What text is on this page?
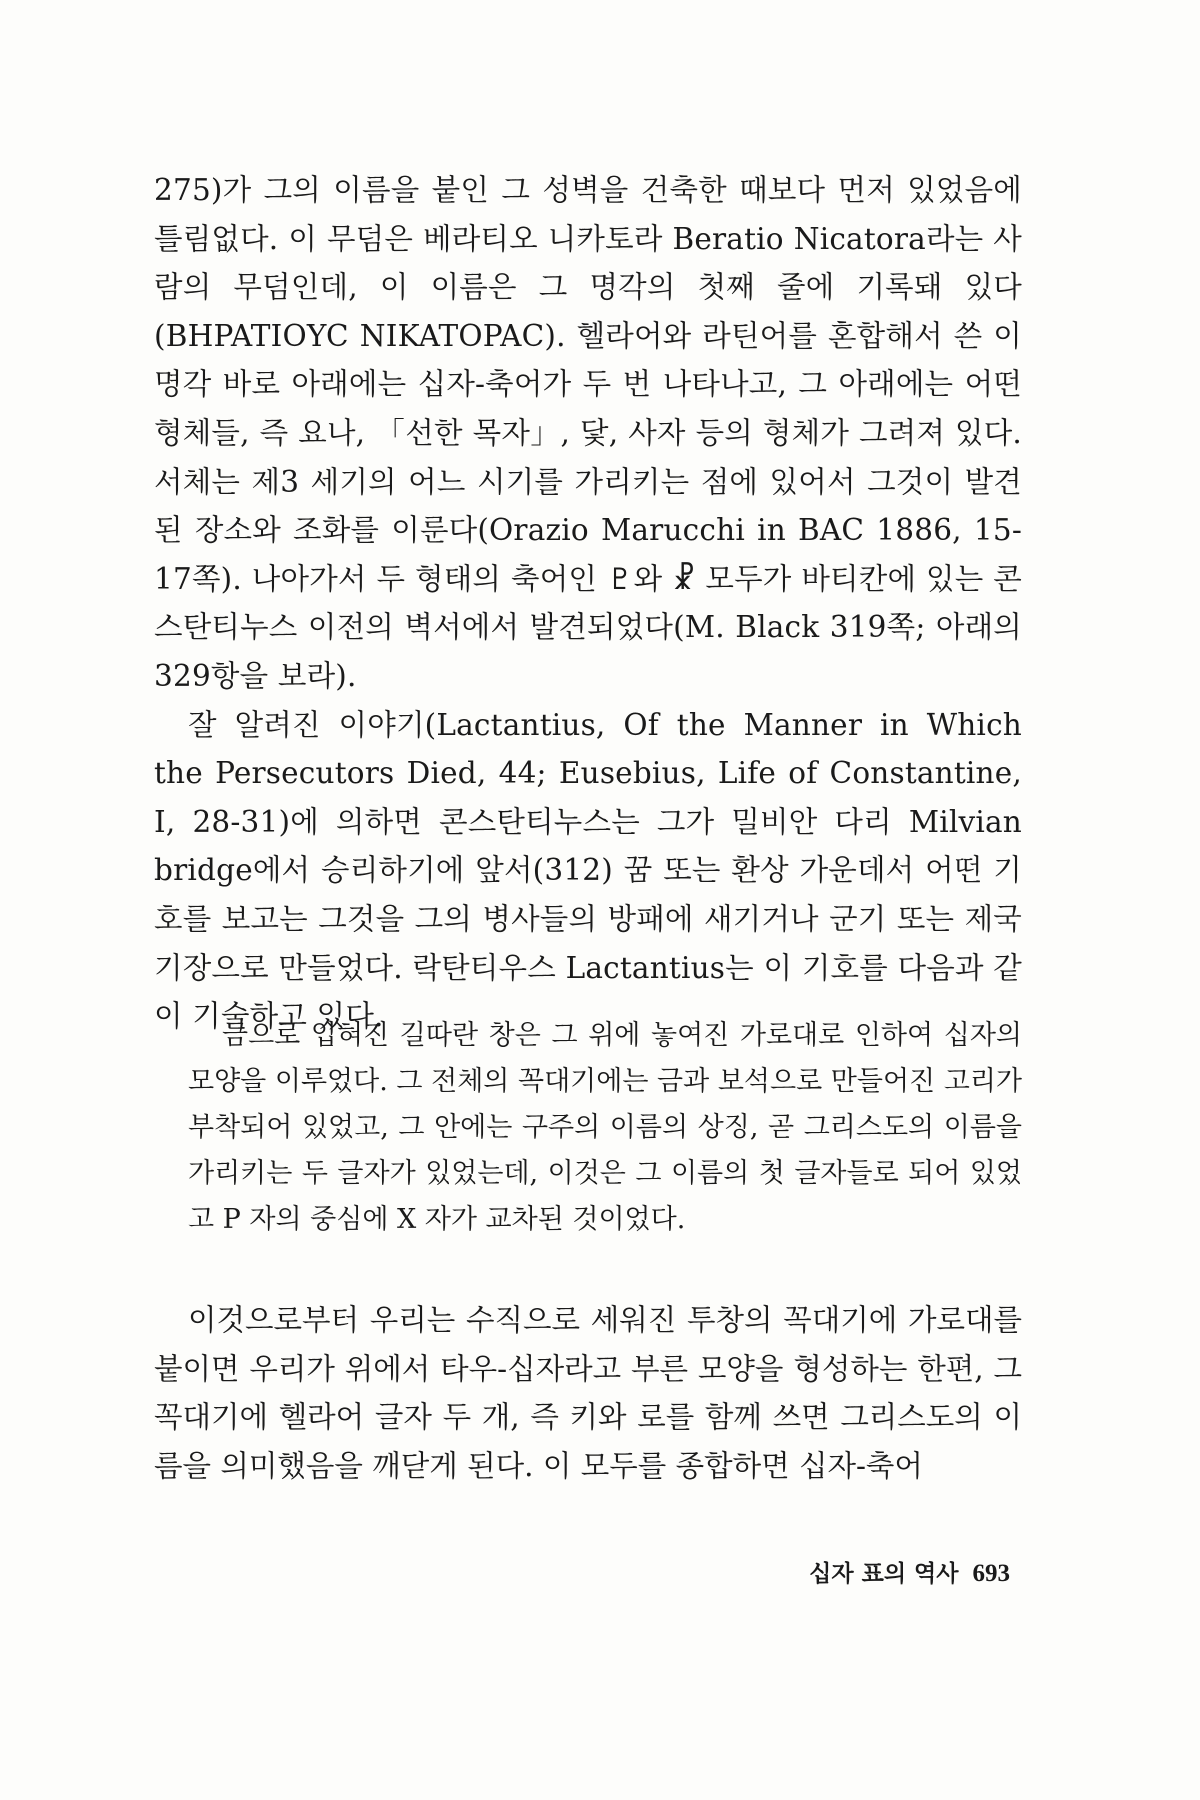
275)가 그의 이름을 붙인 그 성벽을 건축한 때보다 먼저 있었음에 틀림없다. 이 무덤은 베라티오 니카토라 Beratio Nicatora라는 사람의 무덤인데, 이 이름은 그 명각의 첫째 줄에 기록돼 있다(BHPATIOYC NIKATOPAC). 헬라어와 라틴어를 혼합해서 쓴 이 명각 바로 아래에는 십자-축어가 두 번 나타나고, 그 아래에는 어떤 형체들, 즉 요나, 「선한 목자」, 닻, 사자 등의 형체가 그려져 있다. 서체는 제3 세기의 어느 시기를 가리키는 점에 있어서 그것이 발견된 장소와 조화를 이룬다(Orazio Marucchi in BAC 1886, 15-17쪽). 나아가서 두 형태의 축어인 ♇와 ☧ 모두가 바티칸에 있는 콘스탄티누스 이전의 벽서에서 발견되었다(M. Black 319쪽; 아래의 329항을 보라).

잘 알려진 이야기(Lactantius, Of the Manner in Which the Persecutors Died, 44; Eusebius, Life of Constantine, I, 28-31)에 의하면 콘스탄티누스는 그가 밀비안 다리 Milvian bridge에서 승리하기에 앞서(312) 꿈 또는 환상 가운데서 어떤 기호를 보고는 그것을 그의 병사들의 방패에 새기거나 군기 또는 제국 기장으로 만들었다. 락탄티우스 Lactantius는 이 기호를 다음과 같이 기술하고 있다.

금으로 입혀진 길따란 창은 그 위에 놓여진 가로대로 인하여 십자의 모양을 이루었다. 그 전체의 꼭대기에는 금과 보석으로 만들어진 고리가 부착되어 있었고, 그 안에는 구주의 이름의 상징, 곧 그리스도의 이름을 가리키는 두 글자가 있었는데, 이것은 그 이름의 첫 글자들로 되어 있었고 P 자의 중심에 X 자가 교차된 것이었다.

이것으로부터 우리는 수직으로 세워진 투창의 꼭대기에 가로대를 붙이면 우리가 위에서 타우-십자라고 부른 모양을 형성하는 한편, 그 꼭대기에 헬라어 글자 두 개, 즉 키와 로를 함께 쓰면 그리스도의 이름을 의미했음을 깨닫게 된다. 이 모두를 종합하면 십자-축어

십자 표의 역사 693
